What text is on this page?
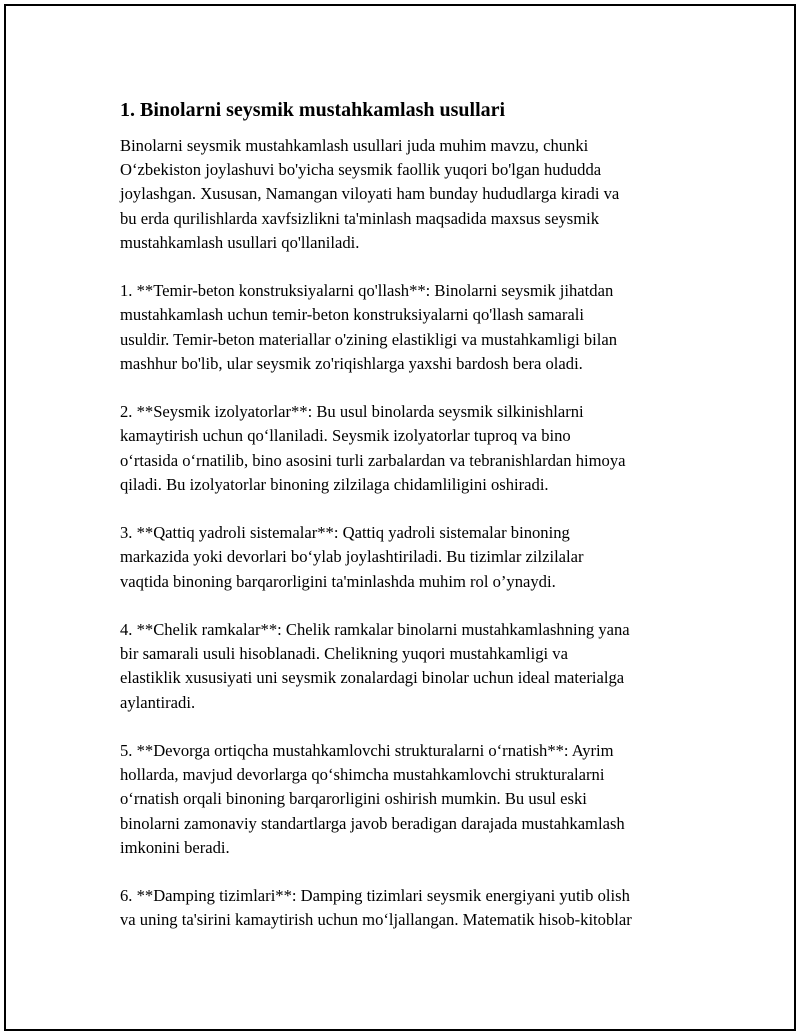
1. Binolarni seysmik mustahkamlash usullari

Binolarni seysmik mustahkamlash usullari juda muhim mavzu, chunki
O‘zbekiston joylashuvi bo'yicha seysmik faollik yuqori bo'lgan hududda
joylashgan. Xususan, Namangan viloyati ham bunday hududlarga kiradi va
bu erda qurilishlarda xavfsizlikni ta'minlash maqsadida maxsus seysmik
mustahkamlash usullari qo'llaniladi.

1. **Temir-beton konstruksiyalarni qo'llash**: Binolarni seysmik jihatdan
mustahkamlash uchun temir-beton konstruksiyalarni qo'llash samarali
usuldir. Temir-beton materiallar o'zining elastikligi va mustahkamligi bilan
mashhur bo'lib, ular seysmik zo'riqishlarga yaxshi bardosh bera oladi.

2. **Seysmik izolyatorlar**: Bu usul binolarda seysmik silkinishlarni
kamaytirish uchun qo‘llaniladi. Seysmik izolyatorlar tuproq va bino
o‘rtasida o‘rnatilib, bino asosini turli zarbalardan va tebranishlardan himoya
qiladi. Bu izolyatorlar binoning zilzilaga chidamliligini oshiradi.

3. **Qattiq yadroli sistemalar**: Qattiq yadroli sistemalar binoning
markazida yoki devorlari bo‘ylab joylashtiriladi. Bu tizimlar zilzilalar
vaqtida binoning barqarorligini ta'minlashda muhim rol o’ynaydi.

4. **Chelik ramkalar**: Chelik ramkalar binolarni mustahkamlashning yana
bir samarali usuli hisoblanadi. Chelikning yuqori mustahkamligi va
elastiklik xususiyati uni seysmik zonalardagi binolar uchun ideal materialga
aylantiradi.

5. **Devorga ortiqcha mustahkamlovchi strukturalarni o‘rnatish**: Ayrim
hollarda, mavjud devorlarga qo‘shimcha mustahkamlovchi strukturalarni
o‘rnatish orqali binoning barqarorligini oshirish mumkin. Bu usul eski
binolarni zamonaviy standartlarga javob beradigan darajada mustahkamlash
imkonini beradi.

6. **Damping tizimlari**: Damping tizimlari seysmik energiyani yutib olish
va uning ta'sirini kamaytirish uchun mo‘ljallangan. Matematik hisob-kitoblar
